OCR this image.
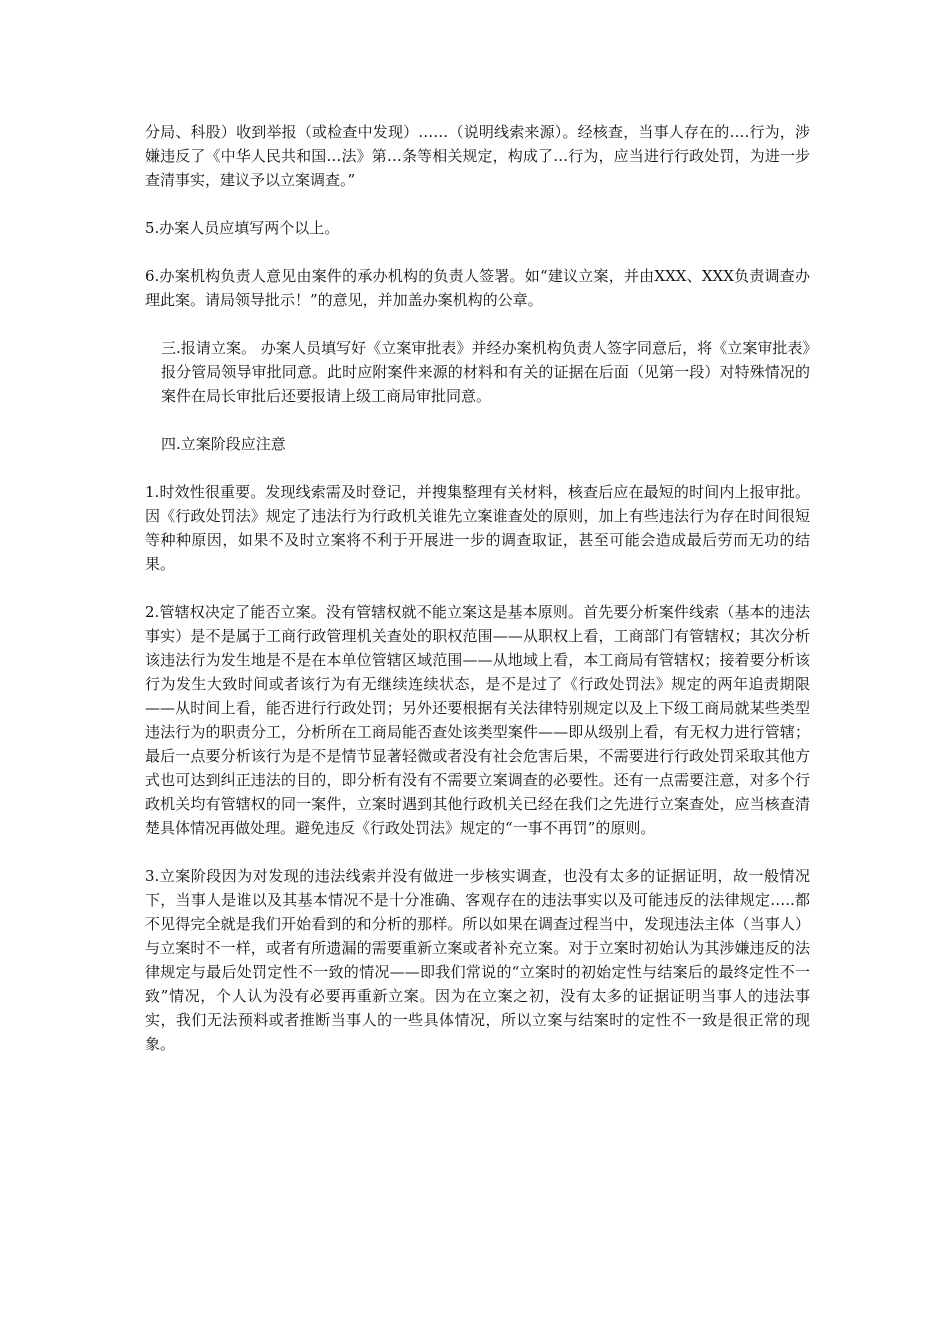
分局、科股）收到举报（或检查中发现）……（说明线索来源）。经核查，当事人存在的….行为，涉嫌违反了《中华人民共和国…法》第…条等相关规定，构成了…行为，应当进行行政处罚，为进一步查清事实，建议予以立案调查。”

5.办案人员应填写两个以上。

6.办案机构负责人意见由案件的承办机构的负责人签署。如“建议立案，并由XXX、XXX负责调查办理此案。请局领导批示！”的意见，并加盖办案机构的公章。

三.报请立案。 办案人员填写好《立案审批表》并经办案机构负责人签字同意后，将《立案审批表》报分管局领导审批同意。此时应附案件来源的材料和有关的证据在后面（见第一段）对特殊情况的案件在局长审批后还要报请上级工商局审批同意。

四.立案阶段应注意

1.时效性很重要。发现线索需及时登记，并搜集整理有关材料，核查后应在最短的时间内上报审批。因《行政处罚法》规定了违法行为行政机关谁先立案谁查处的原则，加上有些违法行为存在时间很短等种种原因，如果不及时立案将不利于开展进一步的调查取证，甚至可能会造成最后劳而无功的结果。

2.管辖权决定了能否立案。没有管辖权就不能立案这是基本原则。首先要分析案件线索（基本的违法事实）是不是属于工商行政管理机关查处的职权范围——从职权上看，工商部门有管辖权；其次分析该违法行为发生地是不是在本单位管辖区域范围——从地域上看，本工商局有管辖权；接着要分析该行为发生大致时间或者该行为有无继续连续状态，是不是过了《行政处罚法》规定的两年追责期限——从时间上看，能否进行行政处罚；另外还要根据有关法律特别规定以及上下级工商局就某些类型违法行为的职责分工，分析所在工商局能否查处该类型案件——即从级别上看，有无权力进行管辖；最后一点要分析该行为是不是情节显著轻微或者没有社会危害后果，不需要进行行政处罚采取其他方式也可达到纠正违法的目的，即分析有没有不需要立案调查的必要性。还有一点需要注意，对多个行政机关均有管辖权的同一案件，立案时遇到其他行政机关已经在我们之先进行立案查处，应当核查清楚具体情况再做处理。避免违反《行政处罚法》规定的“一事不再罚”的原则。

3.立案阶段因为对发现的违法线索并没有做进一步核实调查，也没有太多的证据证明，故一般情况下，当事人是谁以及其基本情况不是十分准确、客观存在的违法事实以及可能违反的法律规定…..都不见得完全就是我们开始看到的和分析的那样。所以如果在调查过程当中，发现违法主体（当事人）与立案时不一样，或者有所遗漏的需要重新立案或者补充立案。对于立案时初始认为其涉嫌违反的法律规定与最后处罚定性不一致的情况——即我们常说的“立案时的初始定性与结案后的最终定性不一致”情况，个人认为没有必要再重新立案。因为在立案之初，没有太多的证据证明当事人的违法事实，我们无法预料或者推断当事人的一些具体情况，所以立案与结案时的定性不一致是很正常的现象。
